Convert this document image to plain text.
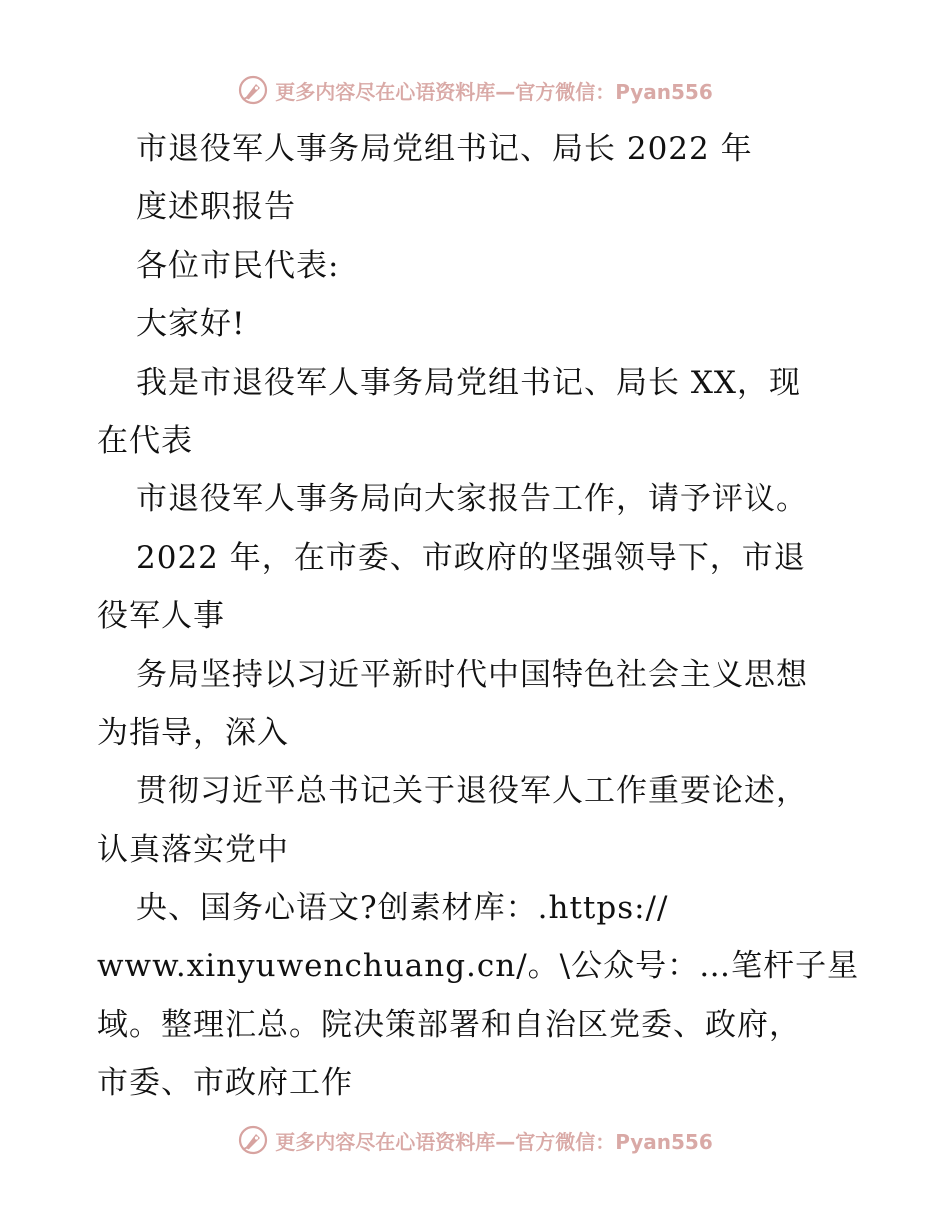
更多内容尽在心语资料库—官方微信：Pyan556
市退役军人事务局党组书记、局长 2022 年
度述职报告
各位市民代表:
大家好!
我是市退役军人事务局党组书记、局长 XX，现
在代表
市退役军人事务局向大家报告工作，请予评议。
2022 年，在市委、市政府的坚强领导下，市退
役军人事
务局坚持以习近平新时代中国特色社会主义思想
为指导，深入
贯彻习近平总书记关于退役军人工作重要论述，
认真落实党中
央、国务心语文?创素材库：.https://
www.xinyuwenchuang.cn/。\公众号：…笔杆子星
域。整理汇总。院决策部署和自治区党委、政府，
市委、市政府工作
更多内容尽在心语资料库—官方微信：Pyan556
